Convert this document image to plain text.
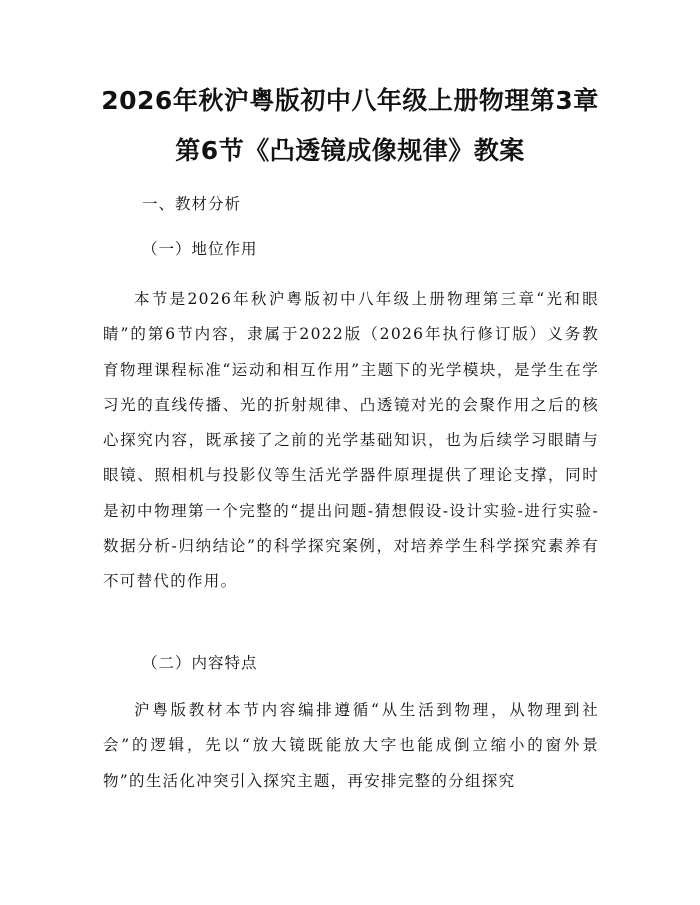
2026年秋沪粤版初中八年级上册物理第3章
第6节《凸透镜成像规律》教案
一、教材分析
（一）地位作用

本节是2026年秋沪粤版初中八年级上册物理第三章“光和眼睛”的第6节内容，隶属于2022版（2026年执行修订版）义务教育物理课程标准“运动和相互作用”主题下的光学模块，是学生在学习光的直线传播、光的折射规律、凸透镜对光的会聚作用之后的核心探究内容，既承接了之前的光学基础知识，也为后续学习眼睛与眼镜、照相机与投影仪等生活光学器件原理提供了理论支撑，同时是初中物理第一个完整的“提出问题-猜想假设-设计实验-进行实验-数据分析-归纳结论”的科学探究案例，对培养学生科学探究素养有不可替代的作用。

（二）内容特点

沪粤版教材本节内容编排遵循“从生活到物理，从物理到社会”的逻辑，先以“放大镜既能放大字也能成倒立缩小的窗外景物”的生活化冲突引入探究主题，再安排完整的分组探究
